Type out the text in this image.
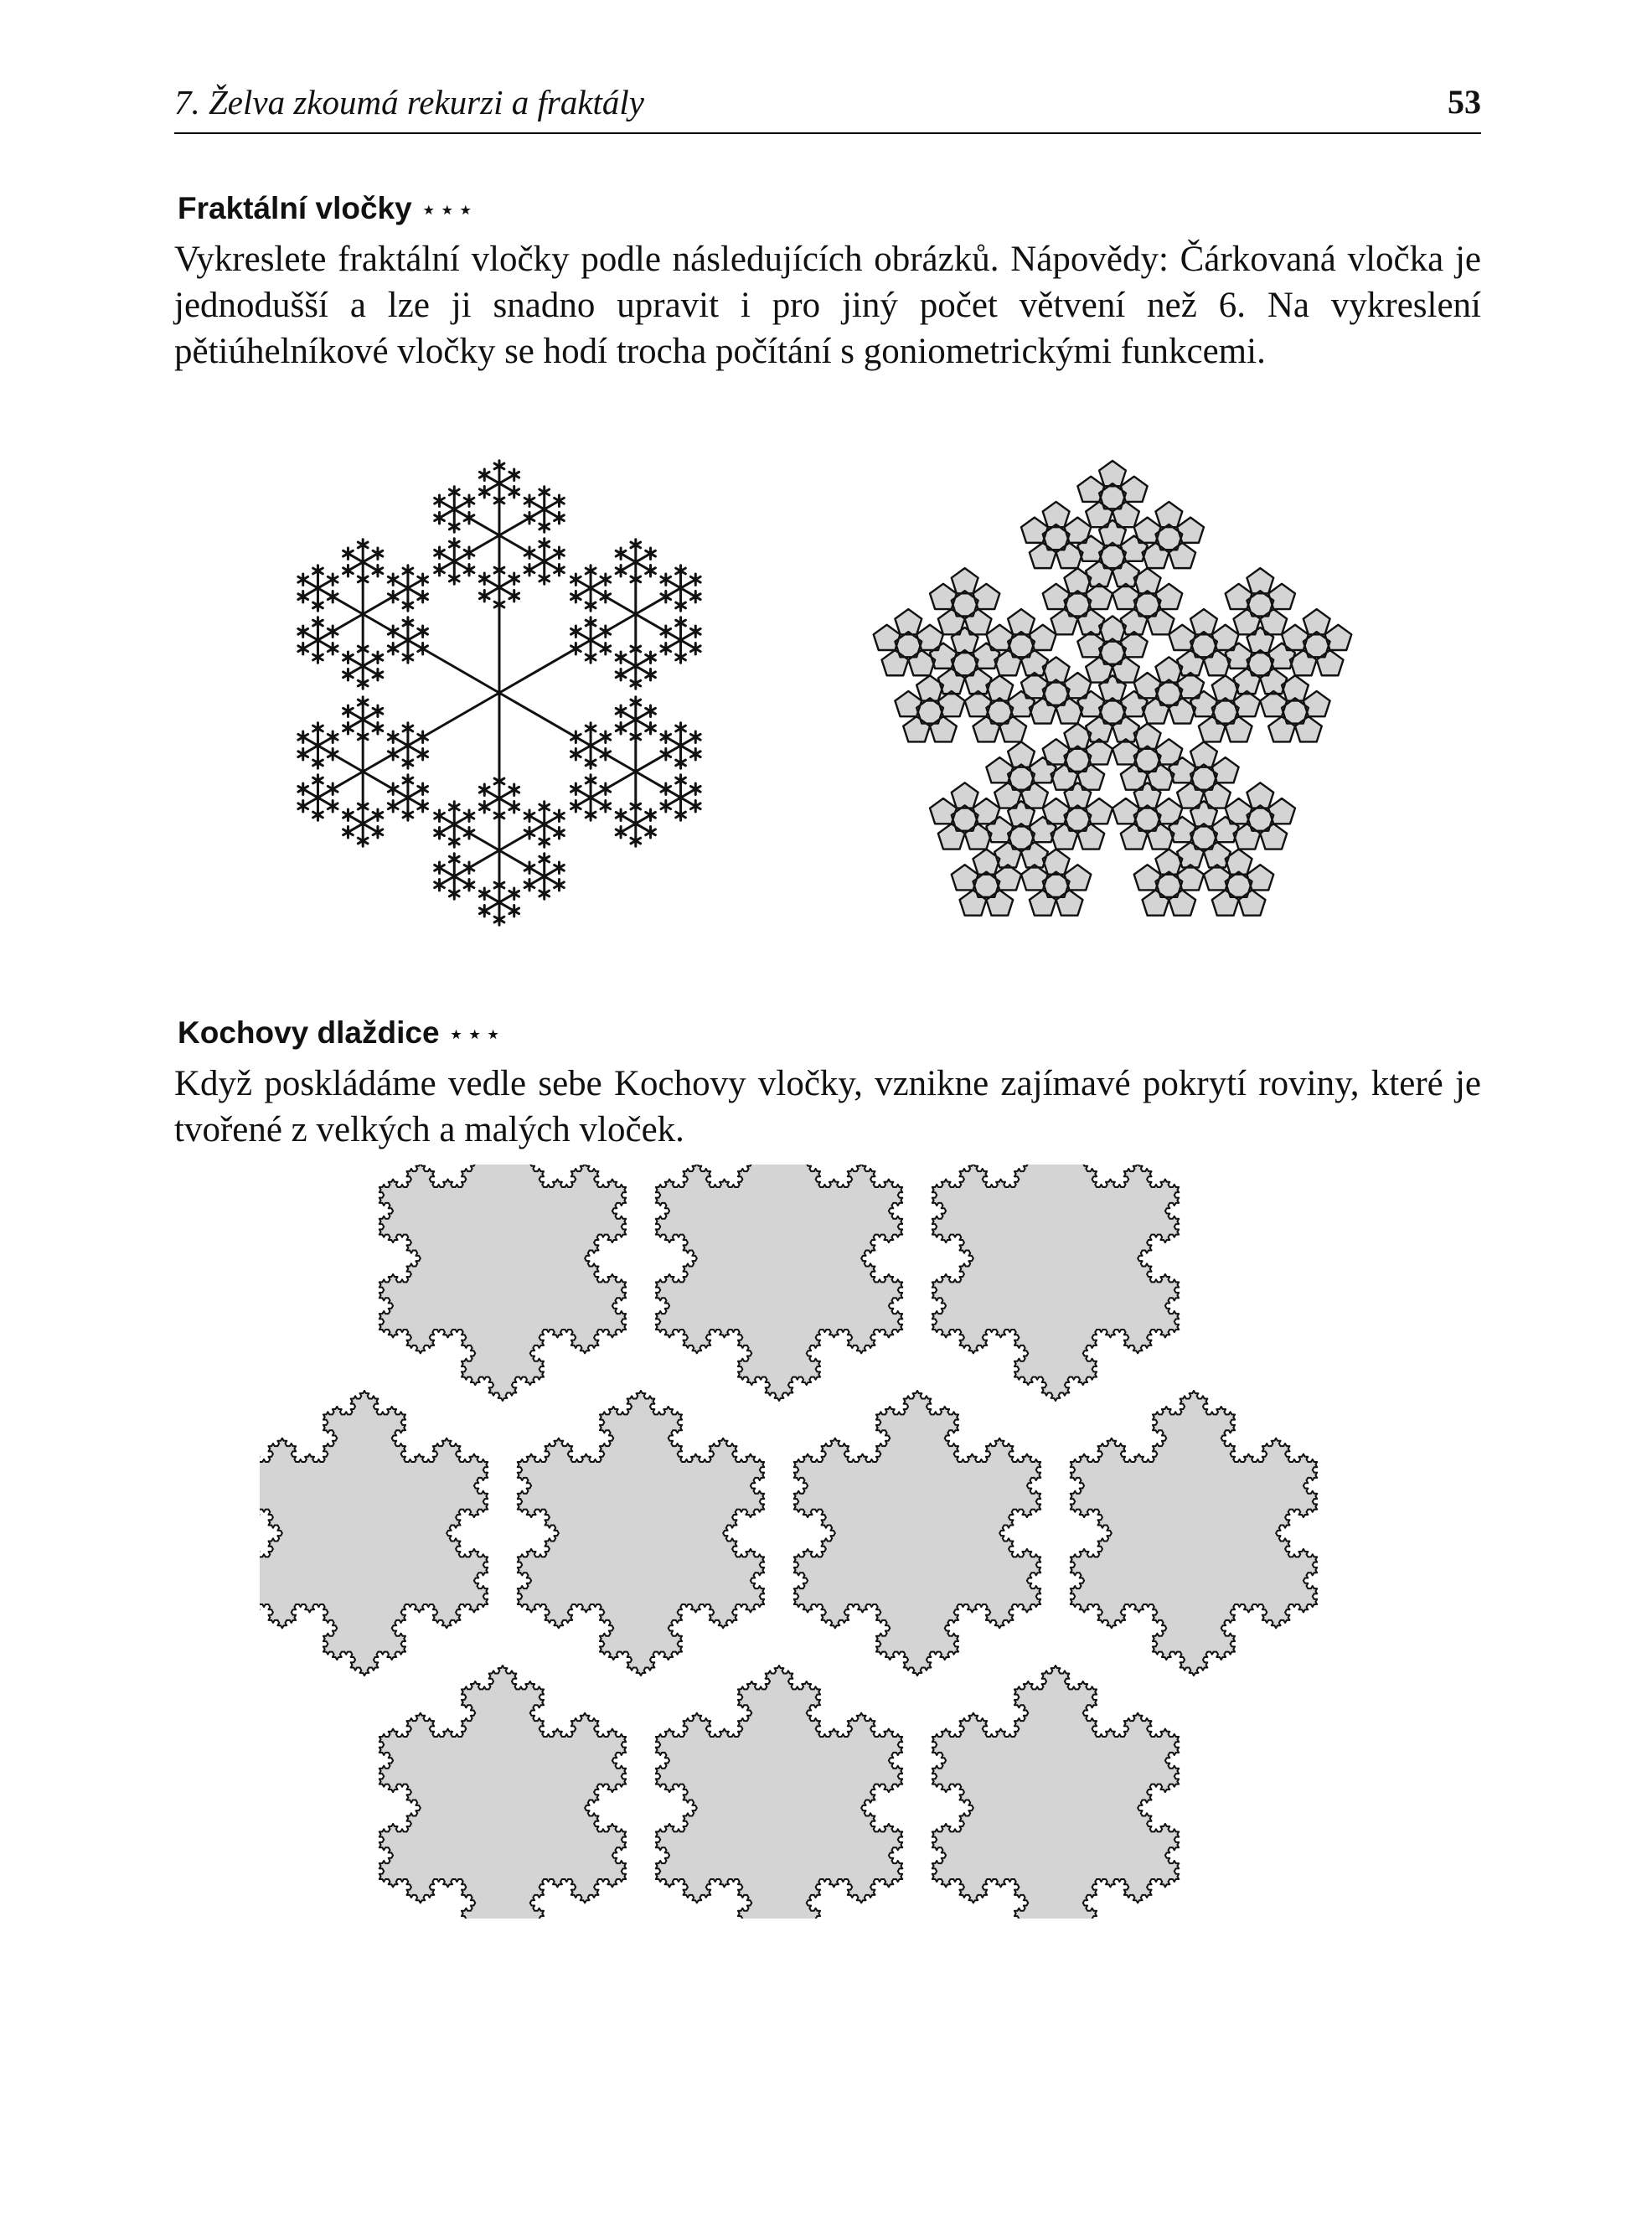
7. Želva zkoumá rekurzi a fraktály	53
Fraktální vločky ⋆⋆⋆
Vykreslete fraktální vločky podle následujících obrázků. Nápovědy: Čárkovaná vločka je jednodušší a lze ji snadno upravit i pro jiný počet větvení než 6. Na vykreslení pětiúhelníkové vločky se hodí trocha počítání s goniometrickými funkcemi.
Kochovy dlaždice ⋆⋆⋆
Když poskládáme vedle sebe Kochovy vločky, vznikne zajímavé pokrytí roviny, které je tvořené z velkých a malých vloček.
